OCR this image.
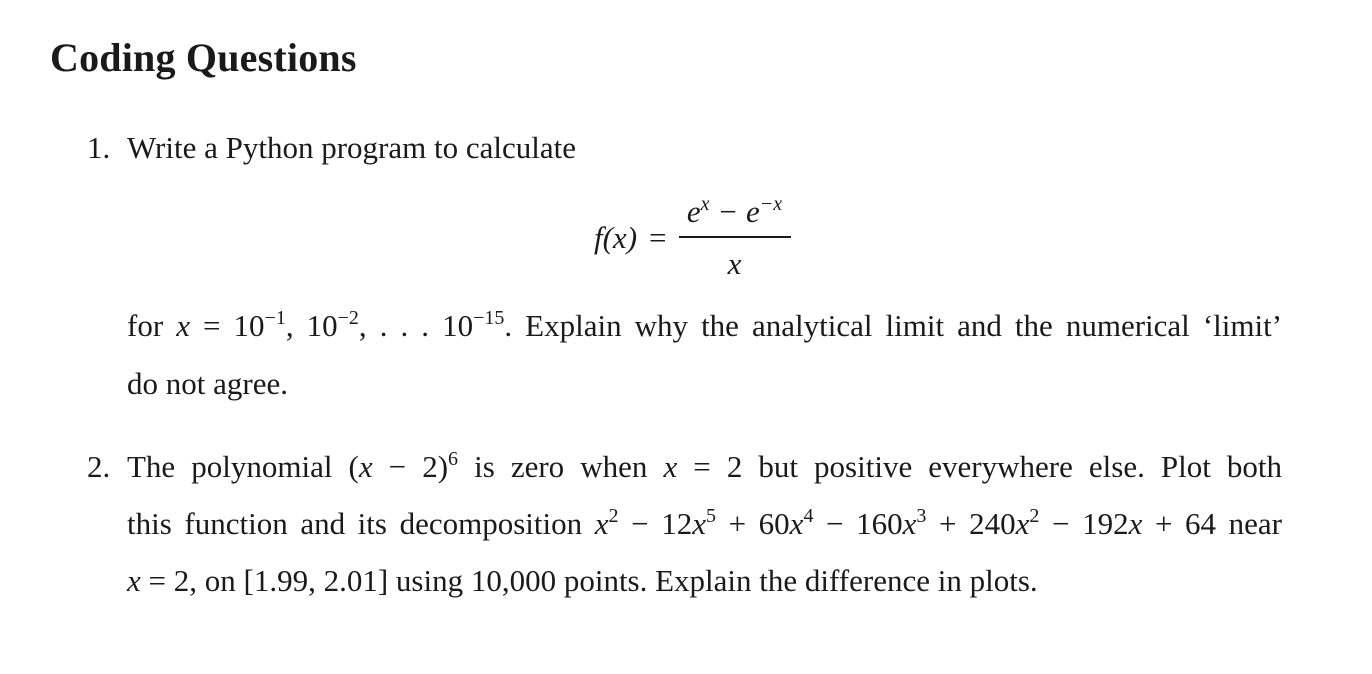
Coding Questions
1. Write a Python program to calculate
$f(x) = \frac{e^x - e^{-x}}{x}$
for $x = 10^{-1}$, $10^{-2}$, . . . $10^{-15}$. Explain why the analytical limit and the numerical ‘limit’
do not agree.
2. The polynomial $(x - 2)^6$ is zero when x = 2 but positive everywhere else. Plot both
this function and its decomposition $x^2 - 12x^5 + 60x^4 - 160x^3 + 240x^2 - 192x + 64$ near
x = 2, on [1.99, 2.01] using 10,000 points. Explain the difference in plots.
